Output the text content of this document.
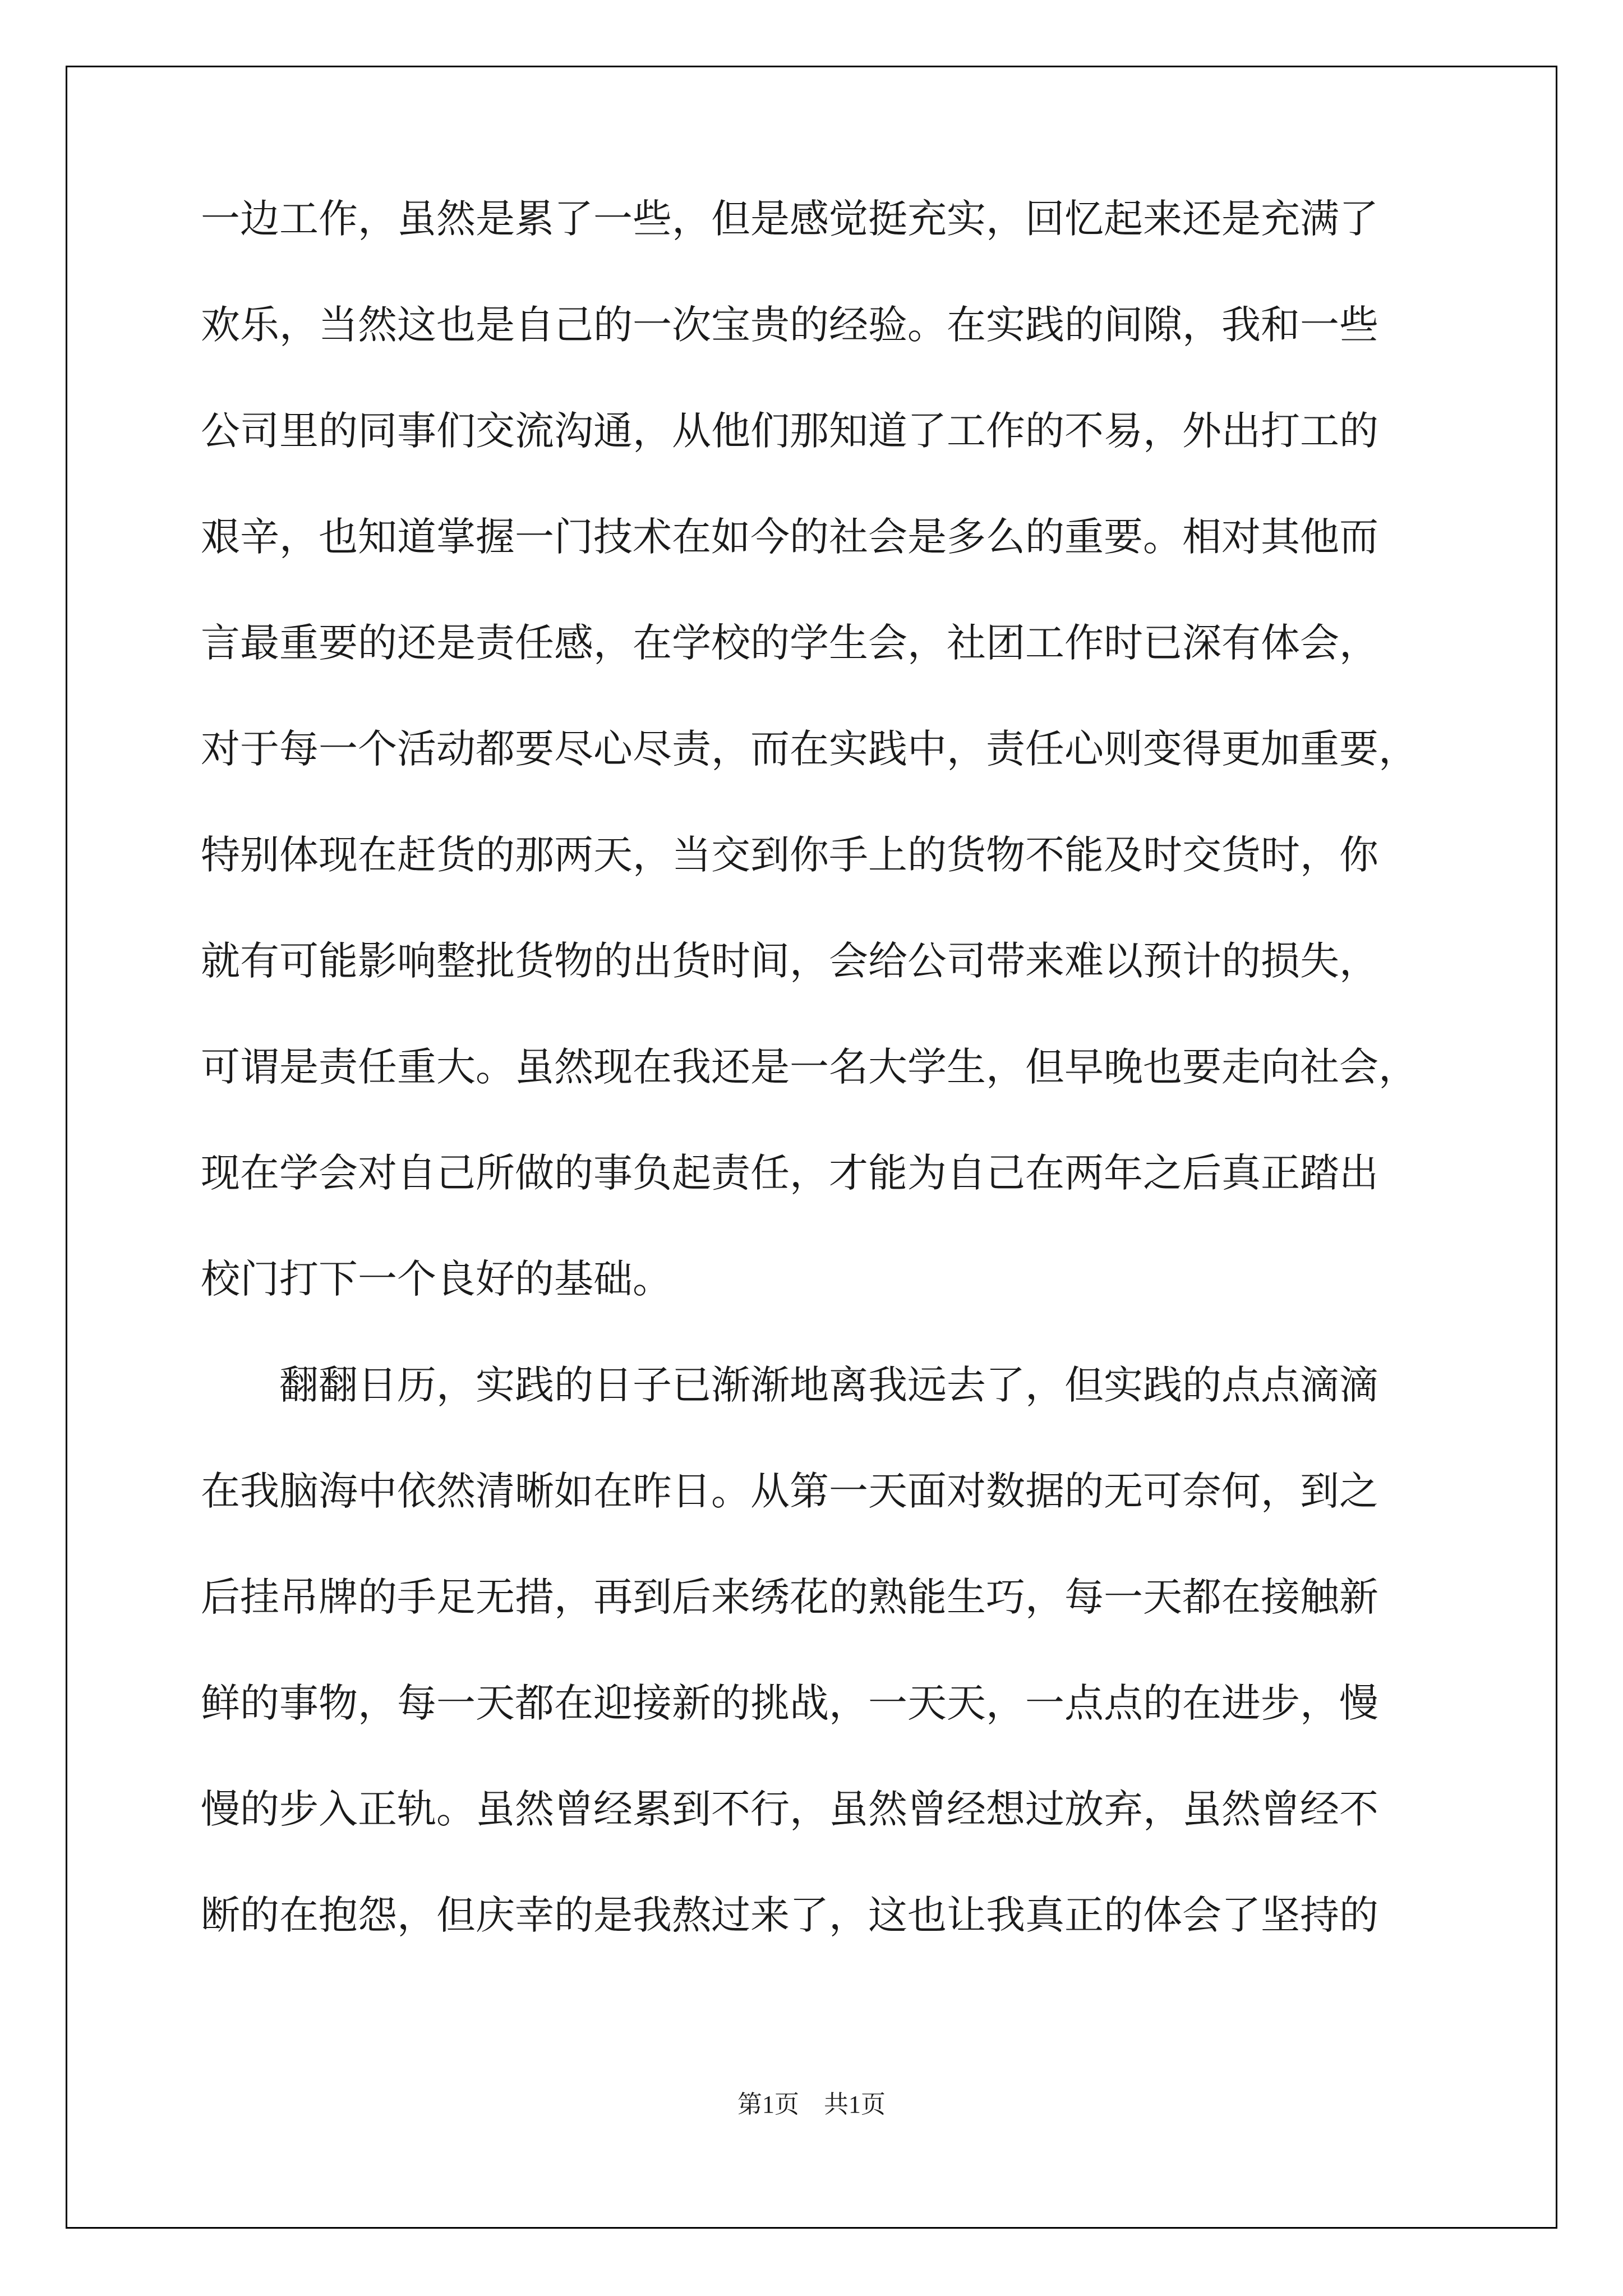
一边工作，虽然是累了一些，但是感觉挺充实，回忆起来还是充满了
欢乐，当然这也是自己的一次宝贵的经验。在实践的间隙，我和一些
公司里的同事们交流沟通，从他们那知道了工作的不易，外出打工的
艰辛，也知道掌握一门技术在如今的社会是多么的重要。相对其他而
言最重要的还是责任感，在学校的学生会，社团工作时已深有体会，
对于每一个活动都要尽心尽责，而在实践中，责任心则变得更加重要，
特别体现在赶货的那两天，当交到你手上的货物不能及时交货时，你
就有可能影响整批货物的出货时间，会给公司带来难以预计的损失，
可谓是责任重大。虽然现在我还是一名大学生，但早晚也要走向社会，
现在学会对自己所做的事负起责任，才能为自己在两年之后真正踏出
校门打下一个良好的基础。
　　翻翻日历，实践的日子已渐渐地离我远去了，但实践的点点滴滴
在我脑海中依然清晰如在昨日。从第一天面对数据的无可奈何，到之
后挂吊牌的手足无措，再到后来绣花的熟能生巧，每一天都在接触新
鲜的事物，每一天都在迎接新的挑战，一天天，一点点的在进步，慢
慢的步入正轨。虽然曾经累到不行，虽然曾经想过放弃，虽然曾经不
断的在抱怨，但庆幸的是我熬过来了，这也让我真正的体会了坚持的
第1页　共1页
